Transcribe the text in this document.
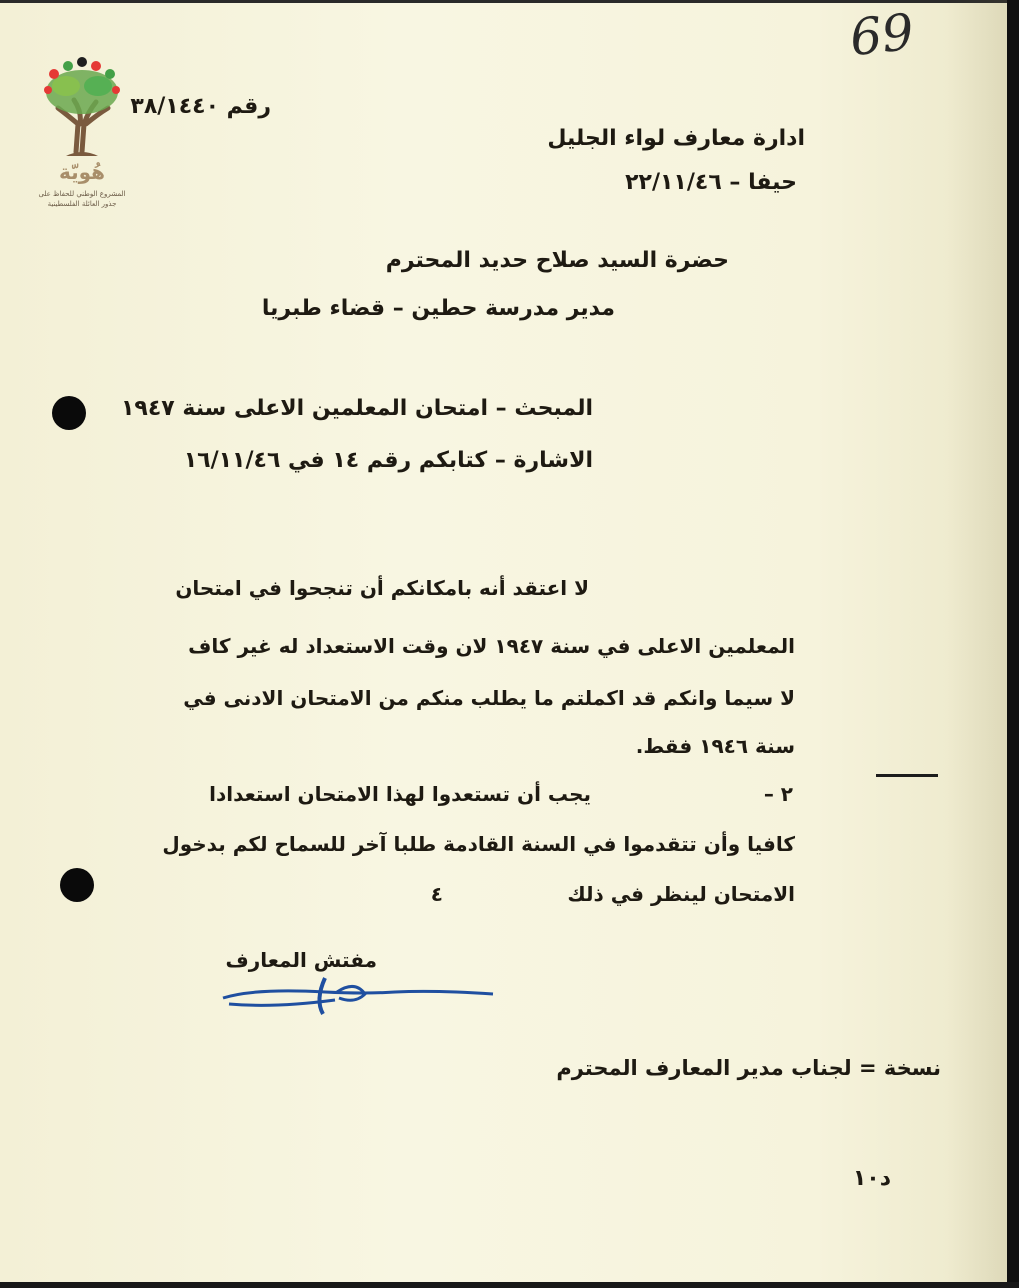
69
هُويّة
المشروع الوطني للحفاظ على
جذور العائلة الفلسطينية
رقم ٣٨/١٤٤٠
ادارة معارف لواء الجليل
حيفا – ٢٢/١١/٤٦
حضرة السيد صلاح حديد المحترم
مدير مدرسة حطين – قضاء طبريا
المبحث – امتحان المعلمين الاعلى سنة ١٩٤٧
الاشارة – كتابكم رقم ١٤ في ١٦/١١/٤٦
لا اعتقد أنه بامكانكم أن تنجحوا في امتحان
المعلمين الاعلى في سنة ١٩٤٧ لان وقت الاستعداد له غير كاف
لا سيما وانكم قد اكملتم ما يطلب منكم من الامتحان الادنى في
سنة ١٩٤٦ فقط.
٢ –
يجب أن تستعدوا لهذا الامتحان استعدادا
كافيا وأن تتقدموا في السنة القادمة طلبا آخر للسماح لكم بدخول
الامتحان لينظر في ذلك
٤
مفتش المعارف
نسخة = لجناب مدير المعارف المحترم
د١٠
